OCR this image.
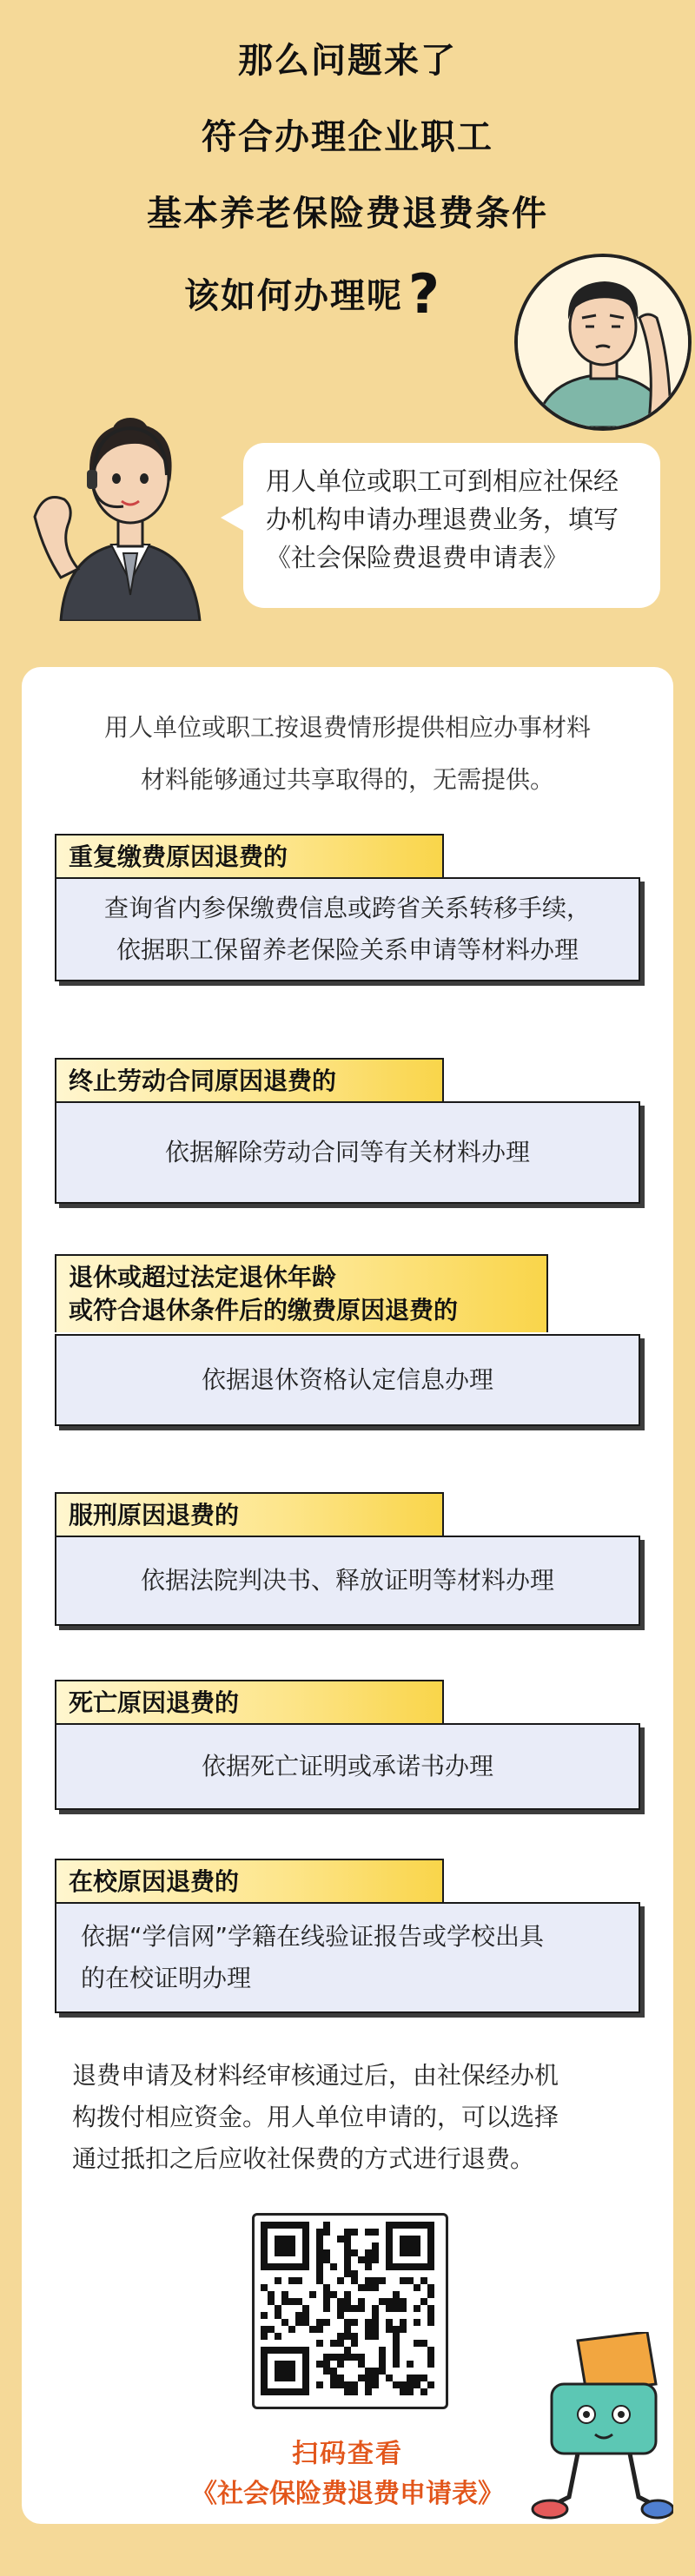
那么问题来了
符合办理企业职工
基本养老保险费退费条件
该如何办理呢?
用人单位或职工可到相应社保经办机构申请办理退费业务，填写《社会保险费退费申请表》
用人单位或职工按退费情形提供相应办事材料
材料能够通过共享取得的，无需提供。
重复缴费原因退费的
查询省内参保缴费信息或跨省关系转移手续，
依据职工保留养老保险关系申请等材料办理
终止劳动合同原因退费的
依据解除劳动合同等有关材料办理
退休或超过法定退休年龄
或符合退休条件后的缴费原因退费的
依据退休资格认定信息办理
服刑原因退费的
依据法院判决书、释放证明等材料办理
死亡原因退费的
依据死亡证明或承诺书办理
在校原因退费的
依据“学信网”学籍在线验证报告或学校出具
的在校证明办理
退费申请及材料经审核通过后，由社保经办机
构拨付相应资金。用人单位申请的，可以选择
通过抵扣之后应收社保费的方式进行退费。
扫码查看
《社会保险费退费申请表》
